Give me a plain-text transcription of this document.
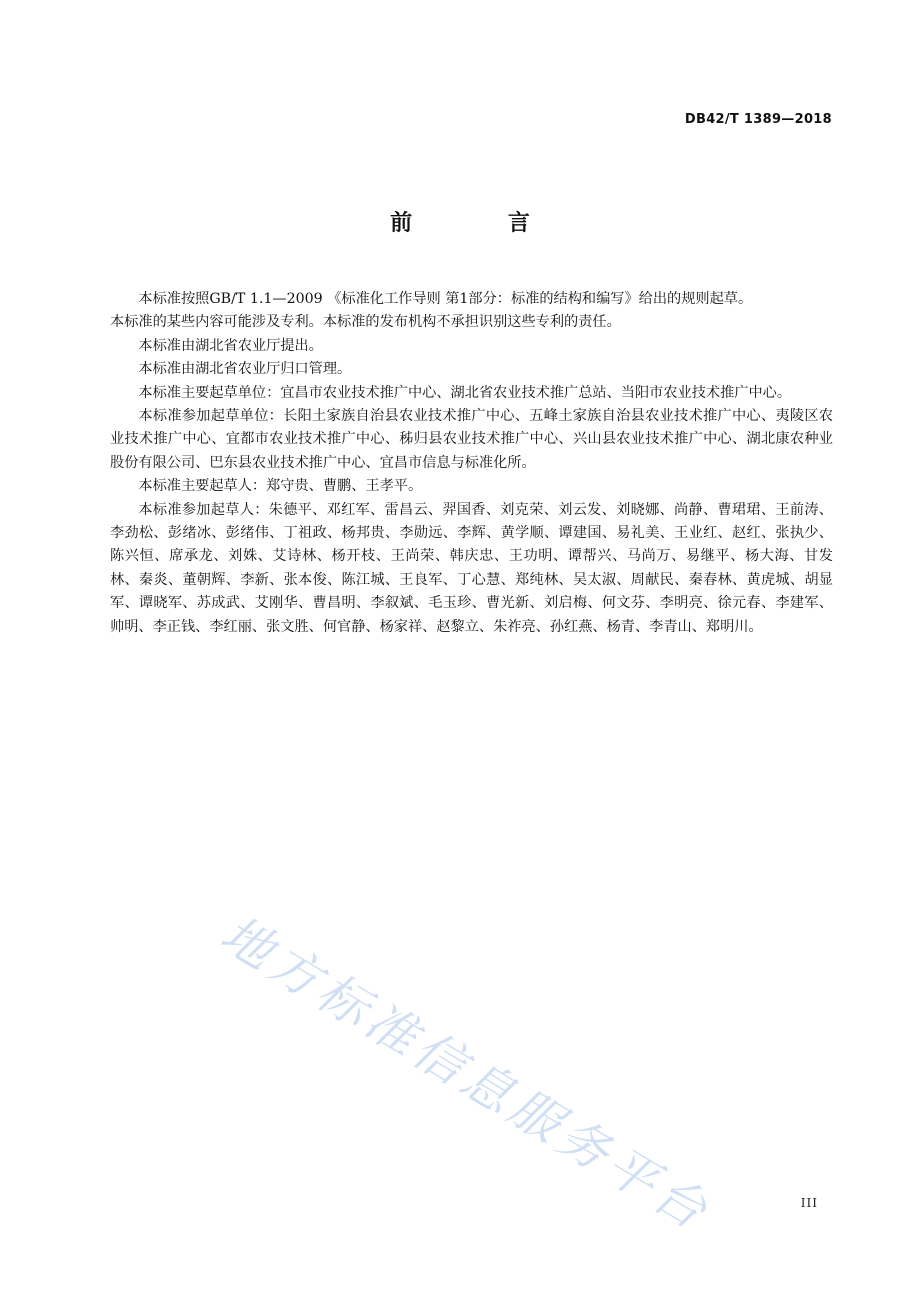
DB42/T 1389—2018
前 言

本标准按照GB/T 1.1—2009 《标准化工作导则 第1部分：标准的结构和编写》给出的规则起草。

本标准的某些内容可能涉及专利。本标准的发布机构不承担识别这些专利的责任。

本标准由湖北省农业厅提出。

本标准由湖北省农业厅归口管理。

本标准主要起草单位：宜昌市农业技术推广中心、湖北省农业技术推广总站、当阳市农业技术推广中心。

本标准参加起草单位：长阳土家族自治县农业技术推广中心、五峰土家族自治县农业技术推广中心、夷陵区农业技术推广中心、宜都市农业技术推广中心、秭归县农业技术推广中心、兴山县农业技术推广中心、湖北康农种业股份有限公司、巴东县农业技术推广中心、宜昌市信息与标准化所。

本标准主要起草人：郑守贵、曹鹏、王孝平。

本标准参加起草人：朱德平、邓红军、雷昌云、羿国香、刘克荣、刘云发、刘晓娜、尚静、曹珺珺、王前涛、李劲松、彭绪冰、彭绪伟、丁祖政、杨邦贵、李勋远、李辉、黄学顺、谭建国、易礼美、王业红、赵红、张执少、陈兴恒、席承龙、刘姝、艾诗林、杨开枝、王尚荣、韩庆忠、王功明、谭帮兴、马尚万、易继平、杨大海、甘发林、秦炎、董朝辉、李新、张本俊、陈江城、王良军、丁心慧、郑纯林、吴太淑、周献民、秦春林、黄虎城、胡显军、谭晓军、苏成武、艾刚华、曹昌明、李叙斌、毛玉珍、曹光新、刘启梅、何文芬、李明亮、徐元春、李建军、帅明、李正钱、李红丽、张文胜、何官静、杨家祥、赵黎立、朱祚亮、孙红燕、杨青、李青山、郑明川。

地方标准信息服务平台	III
